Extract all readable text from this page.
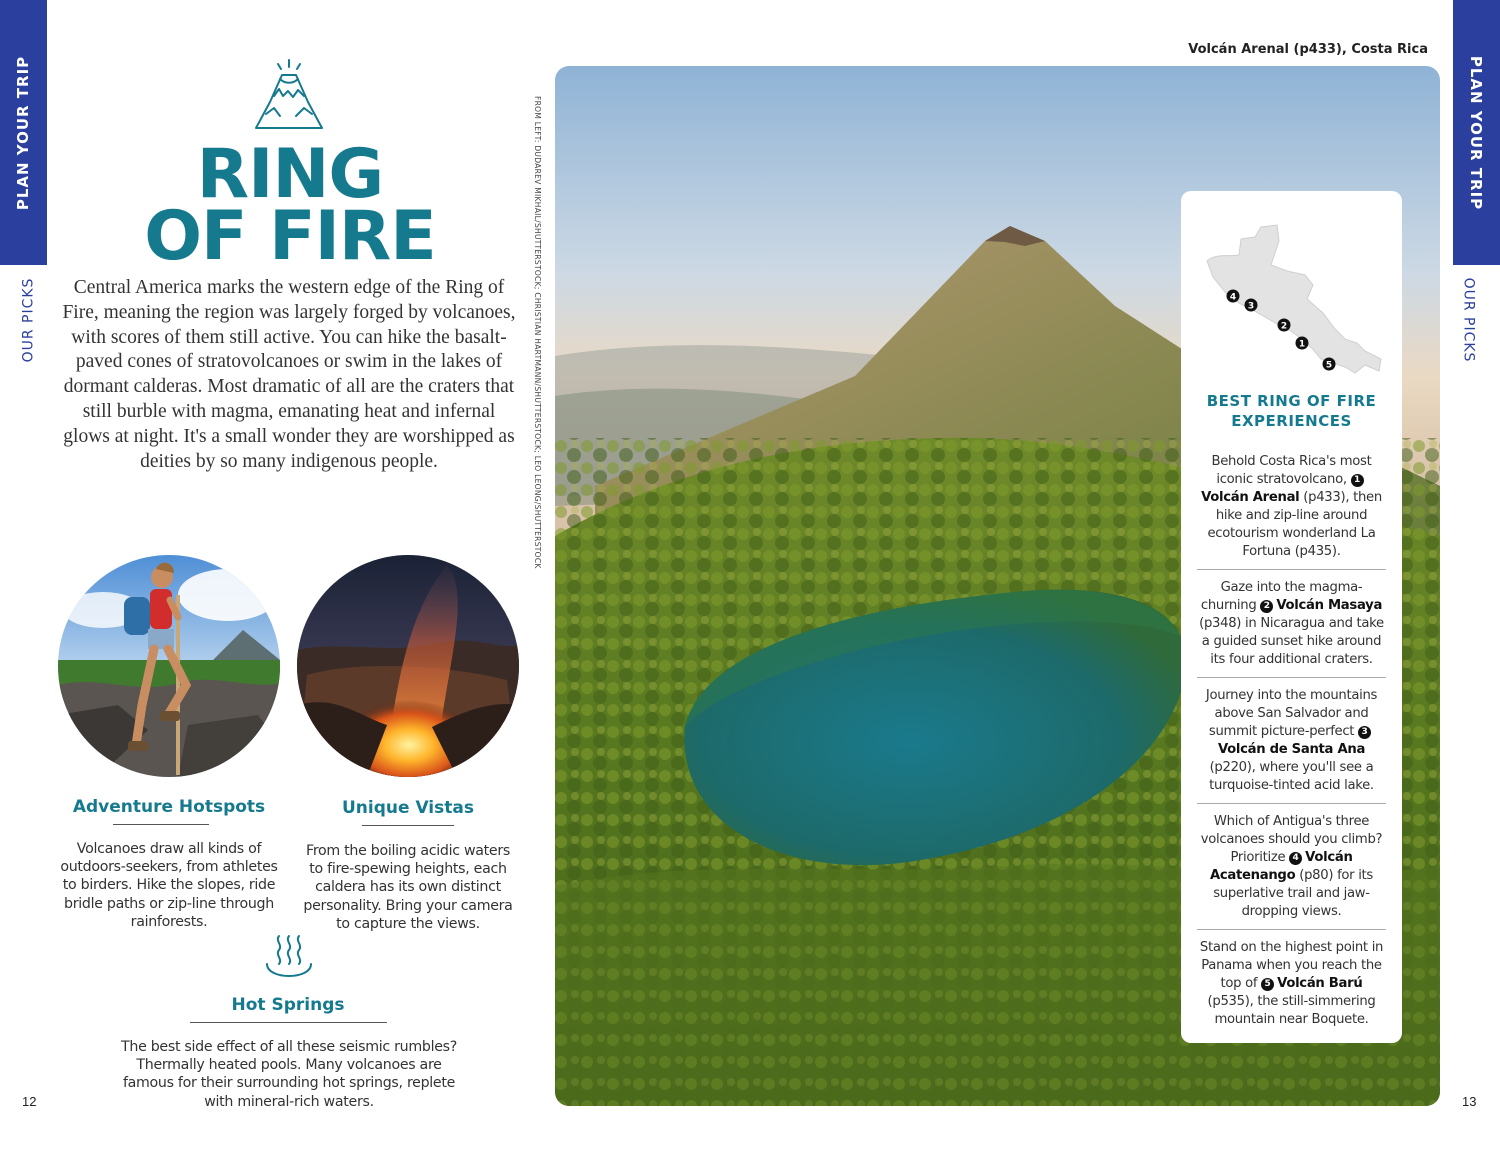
PLAN YOUR TRIP
OUR PICKS
PLAN YOUR TRIP
OUR PICKS
12	13
RING
OF FIRE
Central America marks the western edge of the Ring of Fire, meaning the region was largely forged by volcanoes, with scores of them still active. You can hike the basalt-paved cones of stratovolcanoes or swim in the lakes of dormant calderas. Most dramatic of all are the craters that still burble with magma, emanating heat and infernal glows at night. It's a small wonder they are worshipped as deities by so many indigenous people.
Adventure Hotspots
Volcanoes draw all kinds of outdoors-seekers, from athletes to birders. Hike the slopes, ride bridle paths or zip-line through rainforests.
Unique Vistas
From the boiling acidic waters to fire-spewing heights, each caldera has its own distinct personality. Bring your camera to capture the views.
Hot Springs
The best side effect of all these seismic rumbles? Thermally heated pools. Many volcanoes are famous for their surrounding hot springs, replete with mineral-rich waters.
FROM LEFT: DUDAREV MIKHAIL/SHUTTERSTOCK; CHRISTIAN HARTMANN/SHUTTERSTOCK; LEO LEONG/SHUTTERSTOCK
Volcán Arenal (p433), Costa Rica
4
3
2
1
5
BEST RING OF FIRE
EXPERIENCES
Behold Costa Rica's most iconic stratovolcano, 1Volcán Arenal (p433), then hike and zip-line around ecotourism wonderland La Fortuna (p435).
Gaze into the magma-churning 2 Volcán Masaya (p348) in Nicaragua and take a guided sunset hike around its four additional craters.
Journey into the mountains above San Salvador and summit picture-perfect 3Volcán de Santa Ana (p220), where you'll see a turquoise-tinted acid lake.
Which of Antigua's three volcanoes should you climb? Prioritize 4 Volcán Acatenango (p80) for its superlative trail and jaw-dropping views.
Stand on the highest point in Panama when you reach the top of 5 Volcán Barú (p535), the still-simmering mountain near Boquete.
